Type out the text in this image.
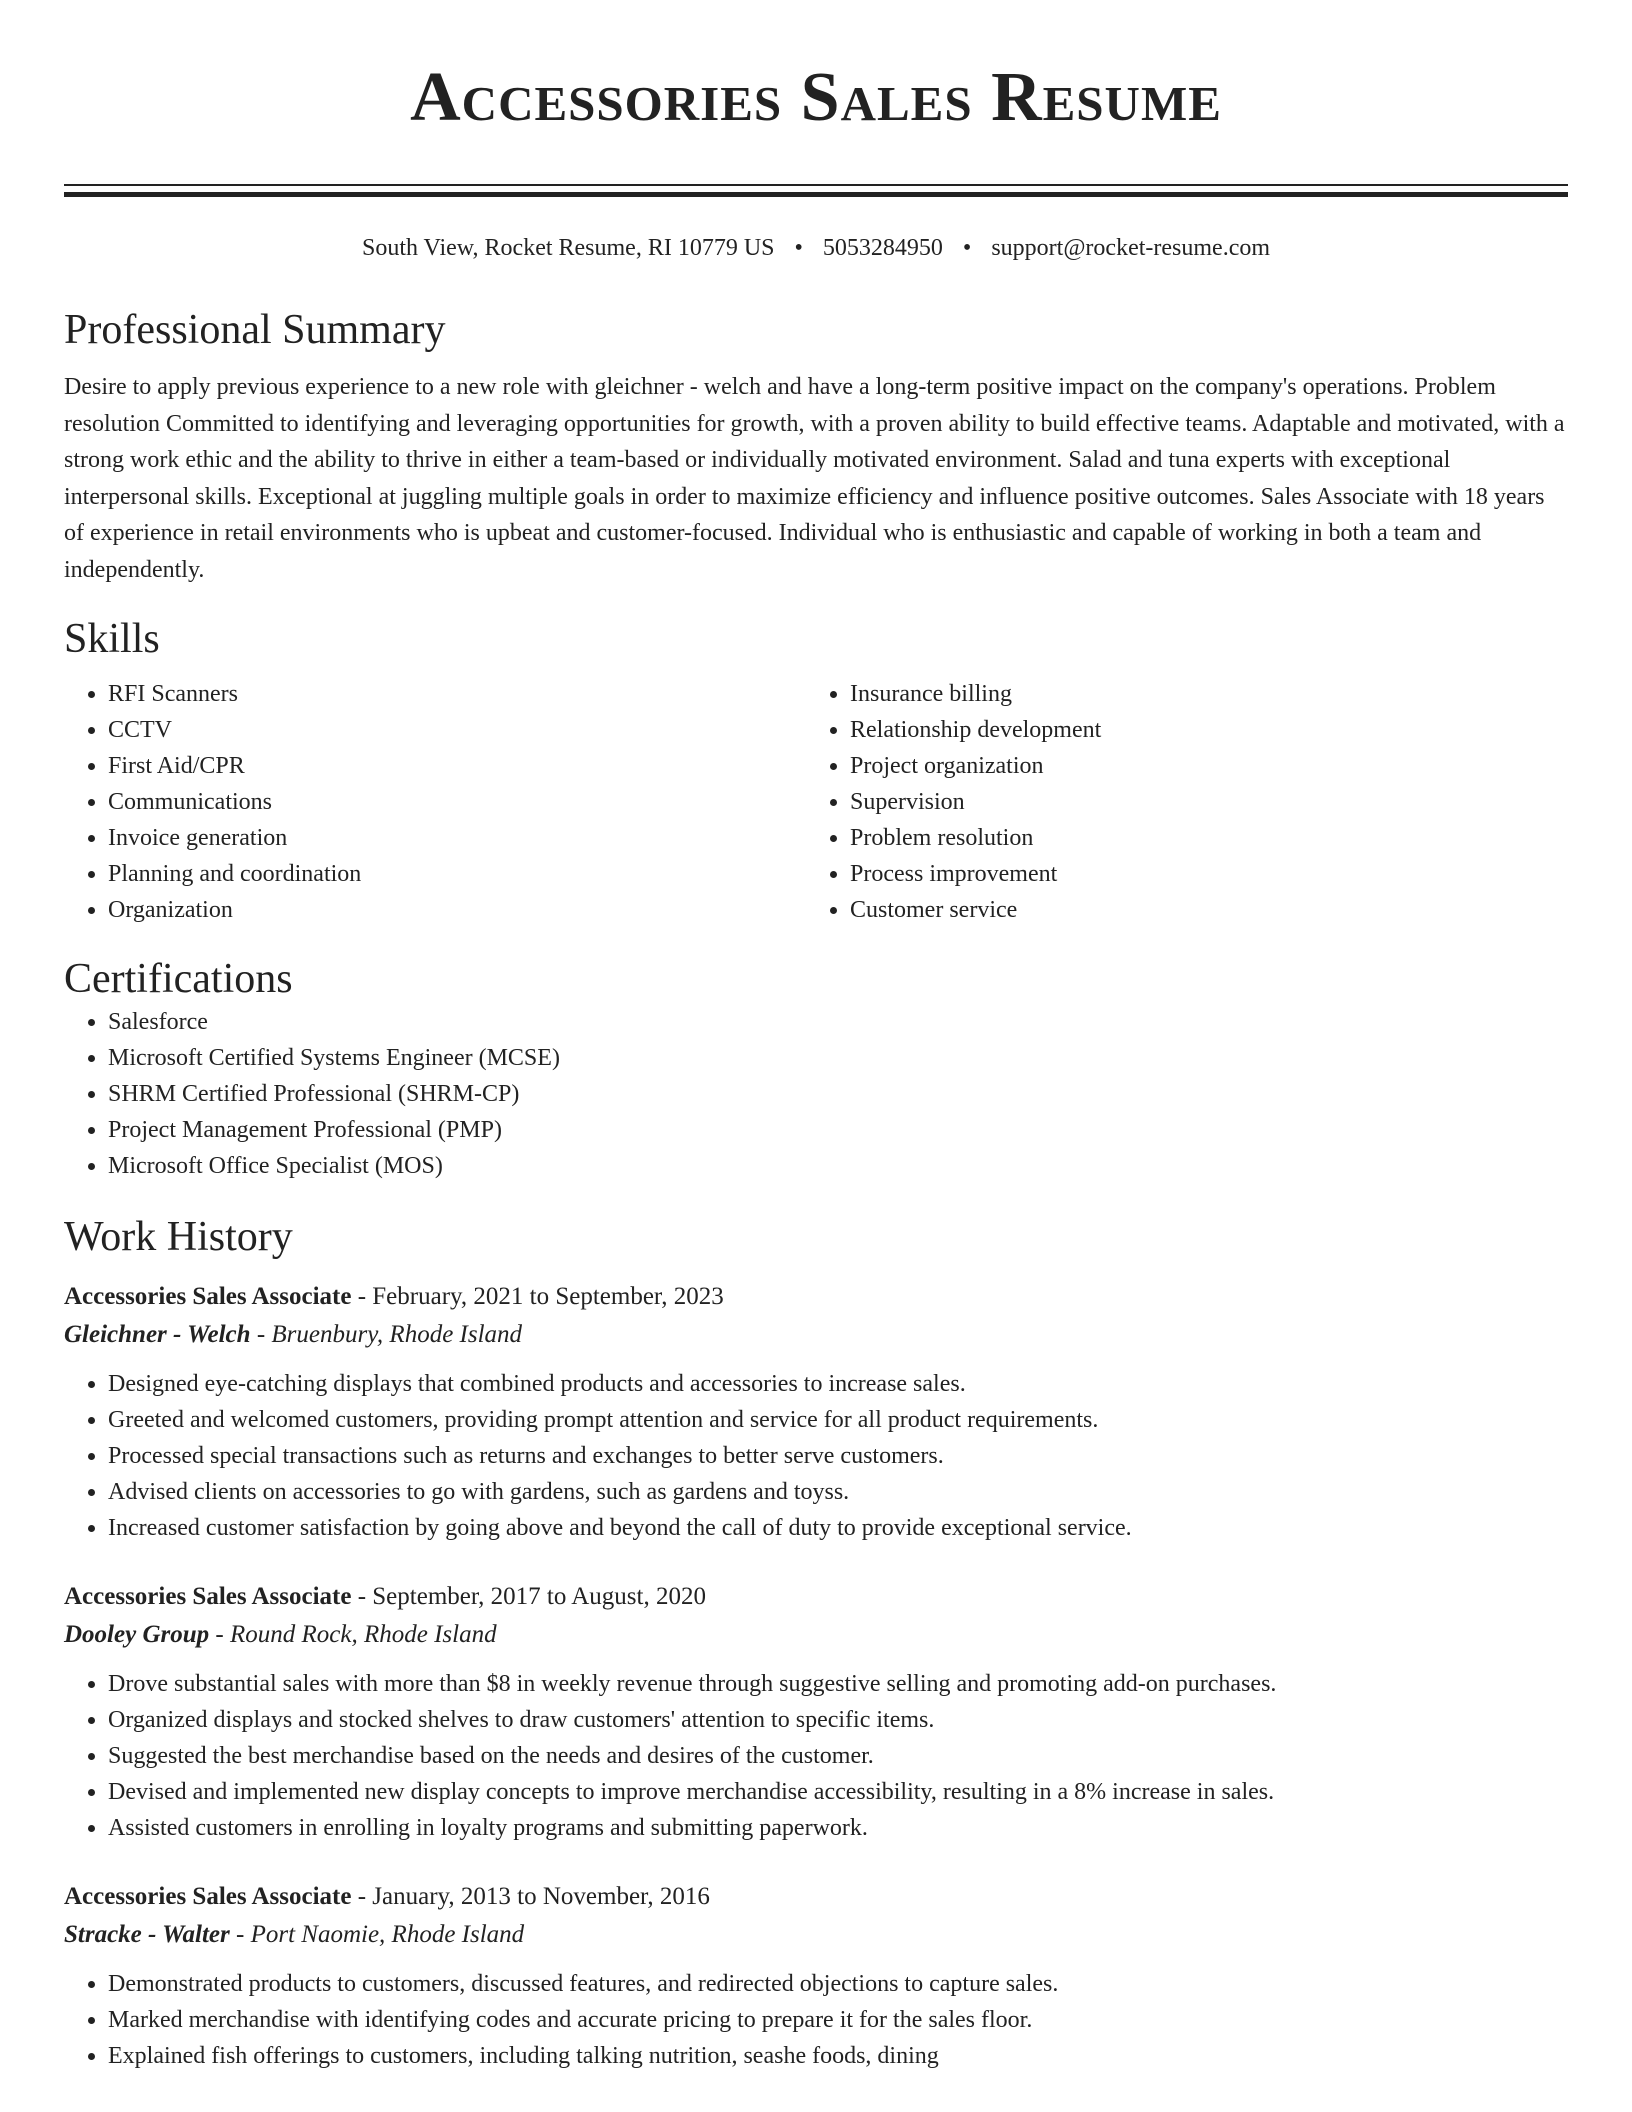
Accessories Sales Resume
South View, Rocket Resume, RI 10779 US • 5053284950 • support@rocket-resume.com
Professional Summary

Desire to apply previous experience to a new role with gleichner - welch and have a long-term positive impact on the company's operations. Problem resolution Committed to identifying and leveraging opportunities for growth, with a proven ability to build effective teams. Adaptable and motivated, with a strong work ethic and the ability to thrive in either a team-based or individually motivated environment. Salad and tuna experts with exceptional interpersonal skills. Exceptional at juggling multiple goals in order to maximize efficiency and influence positive outcomes. Sales Associate with 18 years of experience in retail environments who is upbeat and customer-focused. Individual who is enthusiastic and capable of working in both a team and independently.

Skills
• RFI Scanners
• CCTV
• First Aid/CPR
• Communications
• Invoice generation
• Planning and coordination
• Organization
• Insurance billing
• Relationship development
• Project organization
• Supervision
• Problem resolution
• Process improvement
• Customer service
Certifications
• Salesforce
• Microsoft Certified Systems Engineer (MCSE)
• SHRM Certified Professional (SHRM-CP)
• Project Management Professional (PMP)
• Microsoft Office Specialist (MOS)
Work History
Accessories Sales Associate - February, 2021 to September, 2023
Gleichner - Welch - Bruenbury, Rhode Island
• Designed eye-catching displays that combined products and accessories to increase sales.
• Greeted and welcomed customers, providing prompt attention and service for all product requirements.
• Processed special transactions such as returns and exchanges to better serve customers.
• Advised clients on accessories to go with gardens, such as gardens and toyss.
• Increased customer satisfaction by going above and beyond the call of duty to provide exceptional service.
Accessories Sales Associate - September, 2017 to August, 2020
Dooley Group - Round Rock, Rhode Island
• Drove substantial sales with more than $8 in weekly revenue through suggestive selling and promoting add-on purchases.
• Organized displays and stocked shelves to draw customers' attention to specific items.
• Suggested the best merchandise based on the needs and desires of the customer.
• Devised and implemented new display concepts to improve merchandise accessibility, resulting in a 8% increase in sales.
• Assisted customers in enrolling in loyalty programs and submitting paperwork.
Accessories Sales Associate - January, 2013 to November, 2016
Stracke - Walter - Port Naomie, Rhode Island
• Demonstrated products to customers, discussed features, and redirected objections to capture sales.
• Marked merchandise with identifying codes and accurate pricing to prepare it for the sales floor.
• Explained fish offerings to customers, including talking nutrition, seashe foods, dining
